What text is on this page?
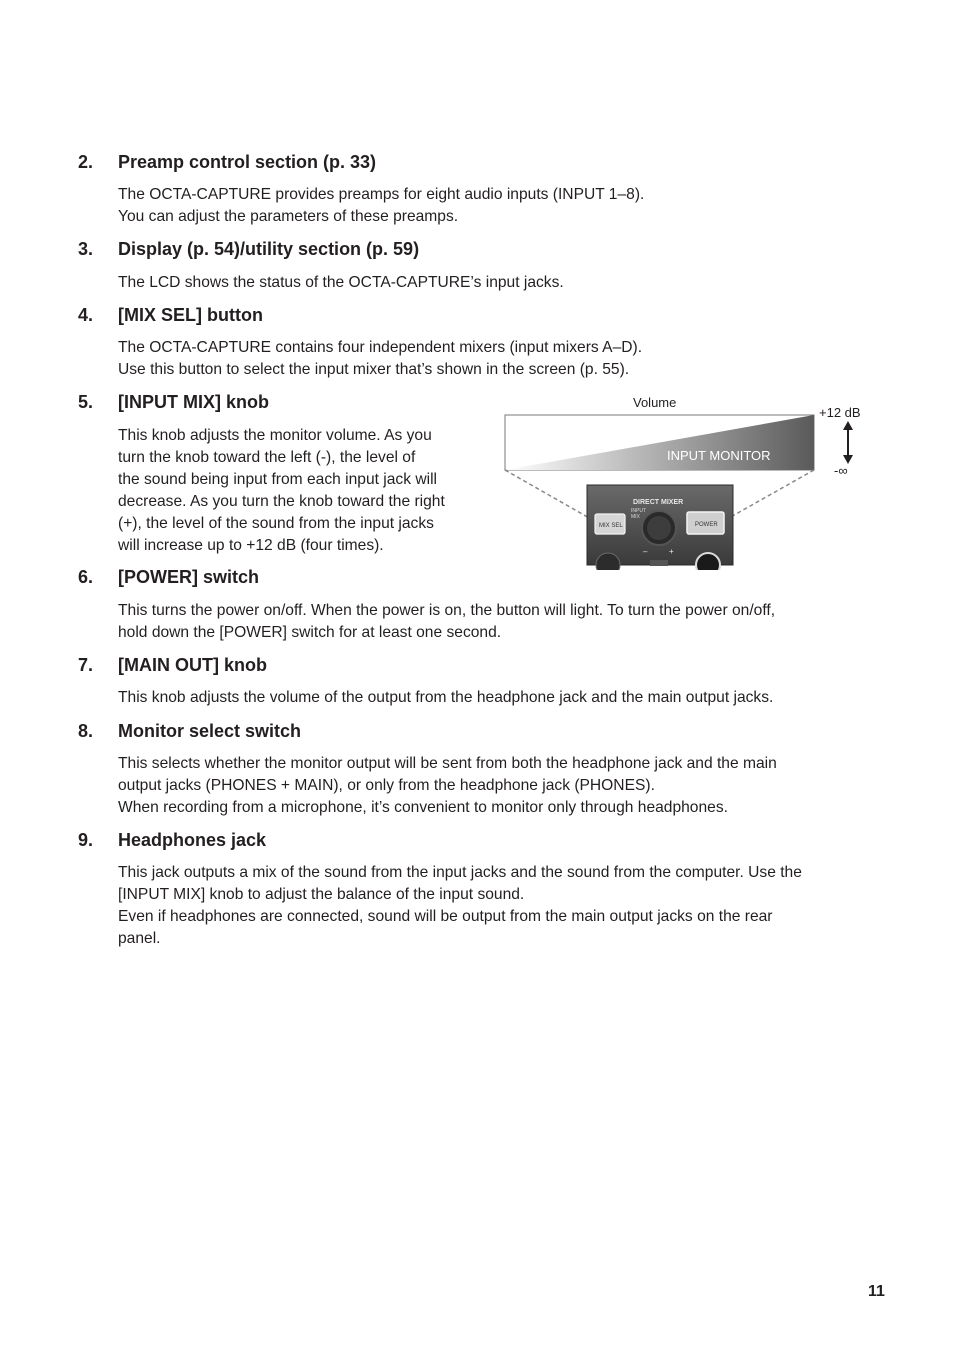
2. Preamp control section (p. 33)

The OCTA-CAPTURE provides preamps for eight audio inputs (INPUT 1–8).

You can adjust the parameters of these preamps.

3. Display (p. 54)/utility section (p. 59)

The LCD shows the status of the OCTA-CAPTURE’s input jacks.

4. [MIX SEL] button

The OCTA-CAPTURE contains four independent mixers (input mixers A–D).

Use this button to select the input mixer that’s shown in the screen (p. 55).

5. [INPUT MIX] knob

This knob adjusts the monitor volume. As you

turn the knob toward the left (-), the level of

the sound being input from each input jack will

decrease. As you turn the knob toward the right

(+), the level of the sound from the input jacks

will increase up to +12 dB (four times).

Volume
INPUT MONITOR
+12 dB
-∞
DIRECT MIXER
INPUT
MIX
MIX SEL
–	+
POWER
6. [POWER] switch

This turns the power on/off. When the power is on, the button will light. To turn the power on/off,

hold down the [POWER] switch for at least one second.

7. [MAIN OUT] knob

This knob adjusts the volume of the output from the headphone jack and the main output jacks.

8. Monitor select switch

This selects whether the monitor output will be sent from both the headphone jack and the main

output jacks (PHONES + MAIN), or only from the headphone jack (PHONES).

When recording from a microphone, it’s convenient to monitor only through headphones.

9. Headphones jack

This jack outputs a mix of the sound from the input jacks and the sound from the computer. Use the

[INPUT MIX] knob to adjust the balance of the input sound.

Even if headphones are connected, sound will be output from the main output jacks on the rear

panel.

11
